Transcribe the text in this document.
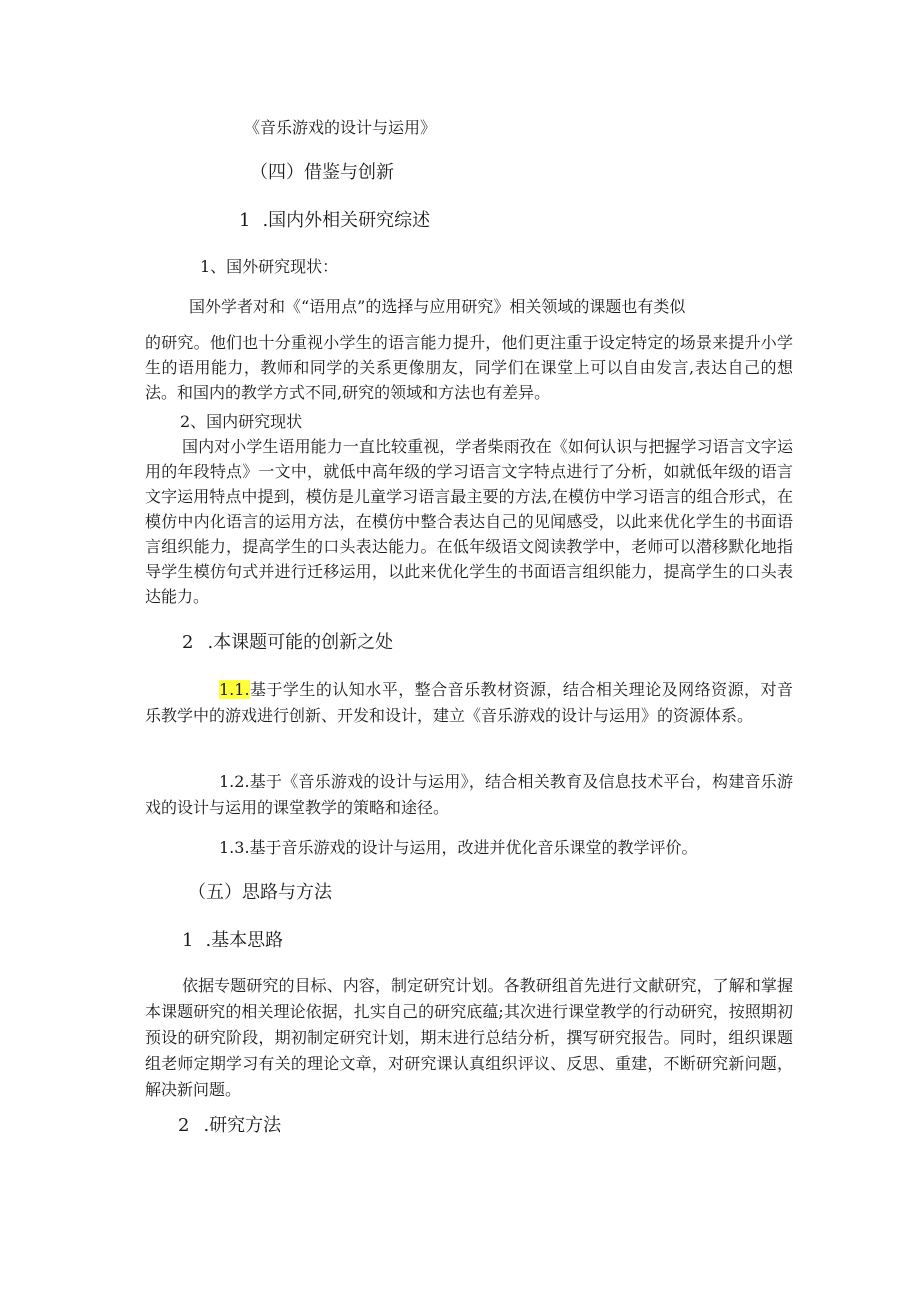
《音乐游戏的设计与运用》
（四）借鉴与创新
1 .国内外相关研究综述
1、国外研究现状：
国外学者对和《“语用点”的选择与应用研究》相关领域的课题也有类似
的研究。他们也十分重视小学生的语言能力提升，他们更注重于设定特定的场景来提升小学生的语用能力，教师和同学的关系更像朋友，同学们在课堂上可以自由发言,表达自己的想法。和国内的教学方式不同,研究的领域和方法也有差异。
2、国内研究现状
国内对小学生语用能力一直比较重视，学者柴雨孜在《如何认识与把握学习语言文字运用的年段特点》一文中，就低中高年级的学习语言文字特点进行了分析，如就低年级的语言文字运用特点中提到，模仿是儿童学习语言最主要的方法,在模仿中学习语言的组合形式，在模仿中内化语言的运用方法，在模仿中整合表达自己的见闻感受，以此来优化学生的书面语言组织能力，提高学生的口头表达能力。在低年级语文阅读教学中，老师可以潜移默化地指导学生模仿句式并进行迁移运用，以此来优化学生的书面语言组织能力，提高学生的口头表达能力。
2 .本课题可能的创新之处
1.1.基于学生的认知水平，整合音乐教材资源，结合相关理论及网络资源，对音乐教学中的游戏进行创新、开发和设计，建立《音乐游戏的设计与运用》的资源体系。
1.2.基于《音乐游戏的设计与运用》，结合相关教育及信息技术平台，构建音乐游戏的设计与运用的课堂教学的策略和途径。
1.3.基于音乐游戏的设计与运用，改进并优化音乐课堂的教学评价。
（五）思路与方法
1 .基本思路
依据专题研究的目标、内容，制定研究计划。各教研组首先进行文献研究，了解和掌握本课题研究的相关理论依据，扎实自己的研究底蕴;其次进行课堂教学的行动研究，按照期初预设的研究阶段，期初制定研究计划，期末进行总结分析，撰写研究报告。同时，组织课题组老师定期学习有关的理论文章，对研究课认真组织评议、反思、重建，不断研究新问题，解决新问题。
2 .研究方法
